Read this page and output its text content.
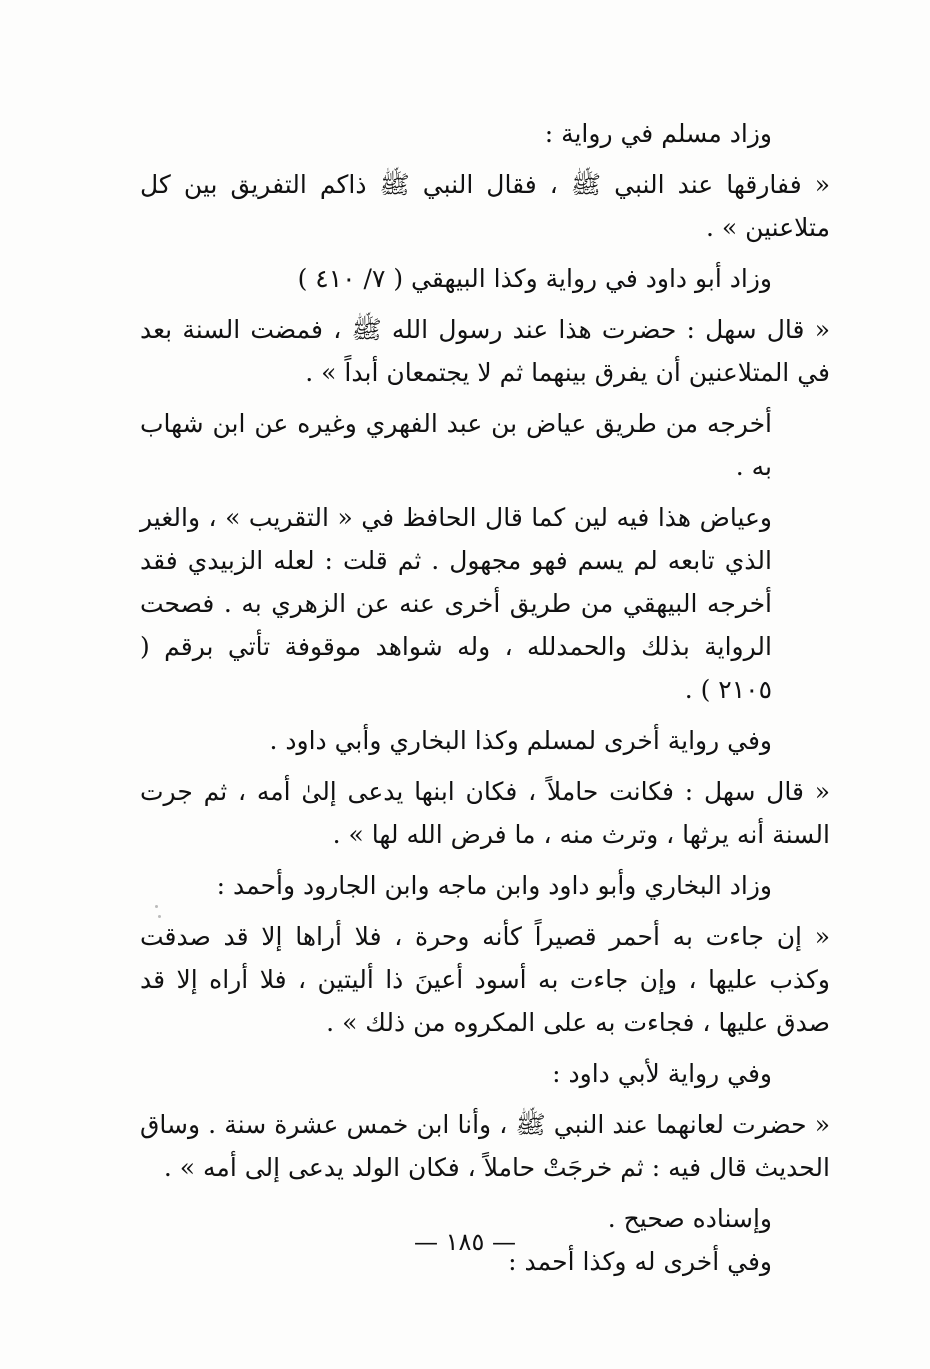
وزاد مسلم في رواية :

« ففارقها عند النبي ﷺ ، فقال النبي ﷺ ذاكم التفريق بين كل متلاعنين » .

وزاد أبو داود في رواية وكذا البيهقي ( ٧/ ٤١٠ )

« قال سهل : حضرت هذا عند رسول الله ﷺ ، فمضت السنة بعد في المتلاعنين أن يفرق بينهما ثم لا يجتمعان أبداً » .

أخرجه من طريق عياض بن عبد الفهري وغيره عن ابن شهاب به .

وعياض هذا فيه لين كما قال الحافظ في « التقريب » ، والغير الذي تابعه لم يسم فهو مجهول . ثم قلت : لعله الزبيدي فقد أخرجه البيهقي من طريق أخرى عنه عن الزهري به . فصحت الرواية بذلك والحمدلله ، وله شواهد موقوفة تأتي برقم ( ٢١٠٥ ) .

وفي رواية أخرى لمسلم وكذا البخاري وأبي داود .

« قال سهل : فكانت حاملاً ، فكان ابنها يدعى إلىٰ أمه ، ثم جرت السنة أنه يرثها ، وترث منه ، ما فرض الله لها » .

وزاد البخاري وأبو داود وابن ماجه وابن الجارود وأحمد :

« إن جاءت به أحمر قصيراً كأنه وحرة ، فلا أراها إلا قد صدقت وكذب عليها ، وإن جاءت به أسود أعينَ ذا أليتين ، فلا أراه إلا قد صدق عليها ، فجاءت به على المكروه من ذلك » .

وفي رواية لأبي داود :

« حضرت لعانهما عند النبي ﷺ ، وأنا ابن خمس عشرة سنة . وساق الحديث قال فيه : ثم خرجَتْ حاملاً ، فكان الولد يدعى إلى أمه » .

وإسناده صحيح .

وفي أخرى له وكذا أحمد :

— ١٨٥ —
